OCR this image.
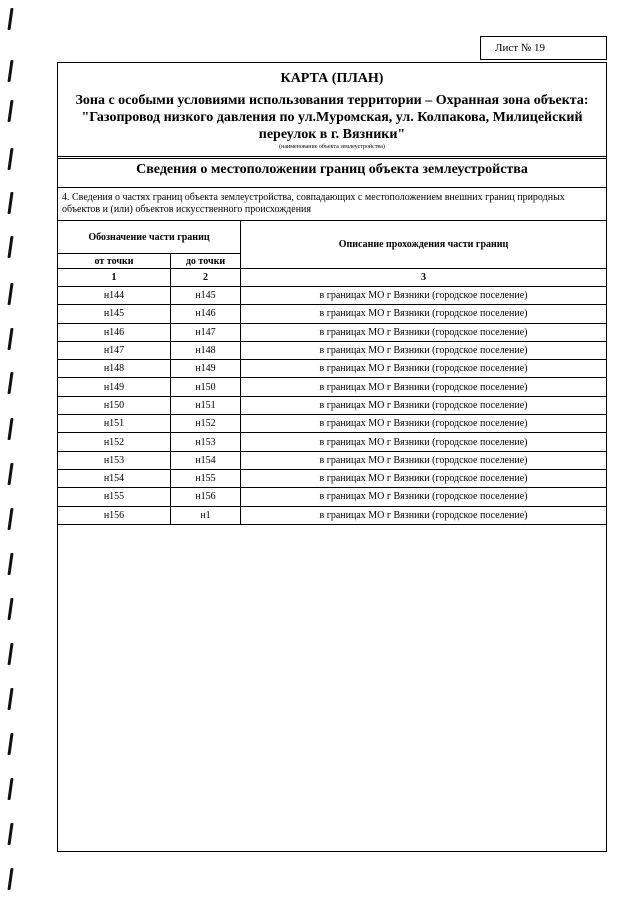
Лист № 19
КАРТА (ПЛАН)
Зона с особыми условиями использования территории – Охранная зона объекта: "Газопровод низкого давления по ул.Муромская, ул. Колпакова, Милицейский переулок в г. Вязники"
(наименование объекта землеустройства)
Сведения о местоположении границ объекта землеустройства
4. Сведения о частях границ объекта землеустройства, совпадающих с местоположением внешних границ природных объектов и (или) объектов искусственного происхождения
Обозначение части границ		Описание прохождения части границ
от точки	до точки	
1	2	3
н144	н145	в границах МО г Вязники (городское поселение)
н145	н146	в границах МО г Вязники (городское поселение)
н146	н147	в границах МО г Вязники (городское поселение)
н147	н148	в границах МО г Вязники (городское поселение)
н148	н149	в границах МО г Вязники (городское поселение)
н149	н150	в границах МО г Вязники (городское поселение)
н150	н151	в границах МО г Вязники (городское поселение)
н151	н152	в границах МО г Вязники (городское поселение)
н152	н153	в границах МО г Вязники (городское поселение)
н153	н154	в границах МО г Вязники (городское поселение)
н154	н155	в границах МО г Вязники (городское поселение)
н155	н156	в границах МО г Вязники (городское поселение)
н156	н1	в границах МО г Вязники (городское поселение)
